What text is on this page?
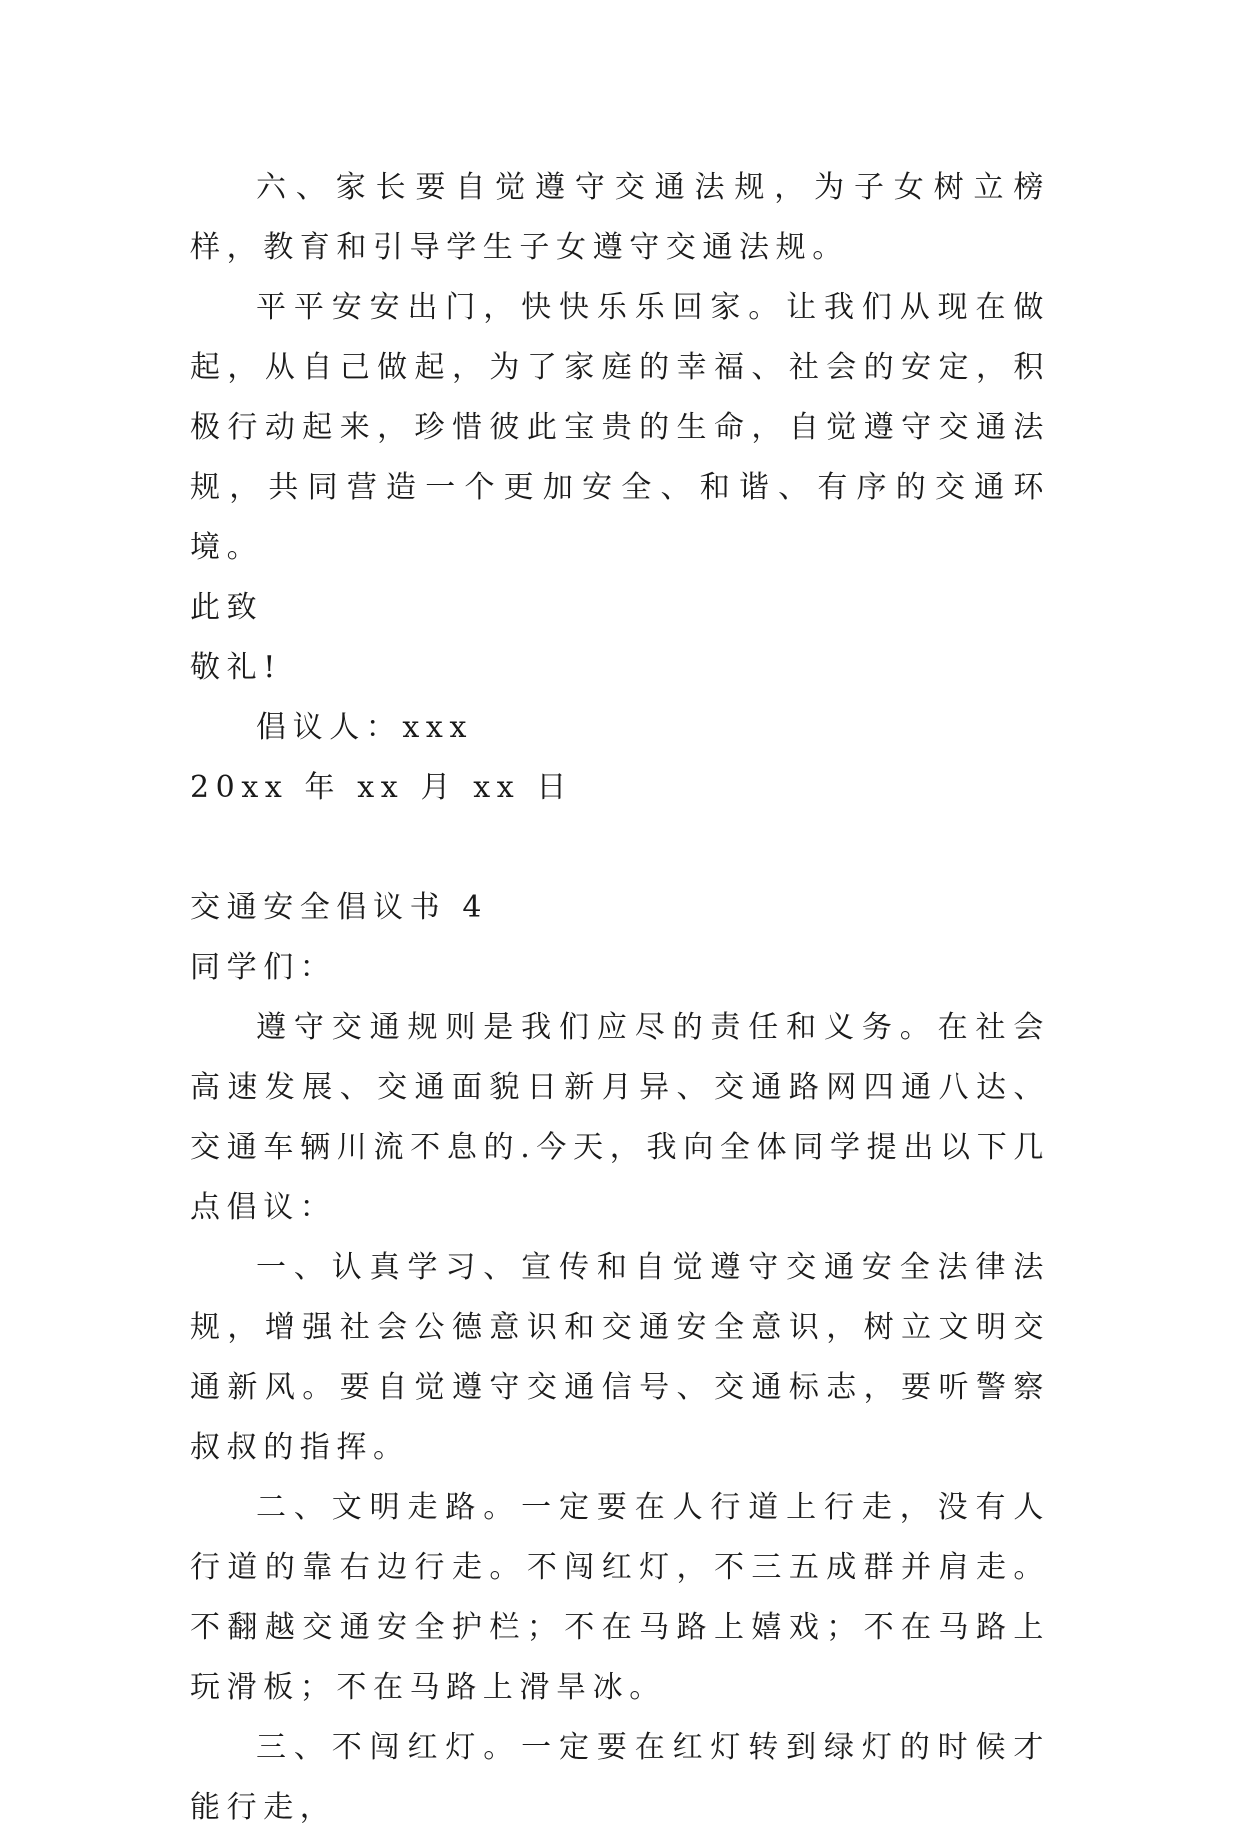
六、家长要自觉遵守交通法规，为子女树立榜样，教育和引导学生子女遵守交通法规。

平平安安出门，快快乐乐回家。让我们从现在做起，从自己做起，为了家庭的幸福、社会的安定，积极行动起来，珍惜彼此宝贵的生命，自觉遵守交通法规，共同营造一个更加安全、和谐、有序的交通环境。

此致

敬礼!

倡议人：xxx

20xx 年 xx 月 xx 日

交通安全倡议书 4

同学们：

遵守交通规则是我们应尽的责任和义务。在社会高速发展、交通面貌日新月异、交通路网四通八达、交通车辆川流不息的.今天，我向全体同学提出以下几点倡议：

一、认真学习、宣传和自觉遵守交通安全法律法规，增强社会公德意识和交通安全意识，树立文明交通新风。要自觉遵守交通信号、交通标志，要听警察叔叔的指挥。

二、文明走路。一定要在人行道上行走，没有人行道的靠右边行走。不闯红灯，不三五成群并肩走。不翻越交通安全护栏；不在马路上嬉戏；不在马路上玩滑板；不在马路上滑旱冰。

三、不闯红灯。一定要在红灯转到绿灯的时候才能行走，
